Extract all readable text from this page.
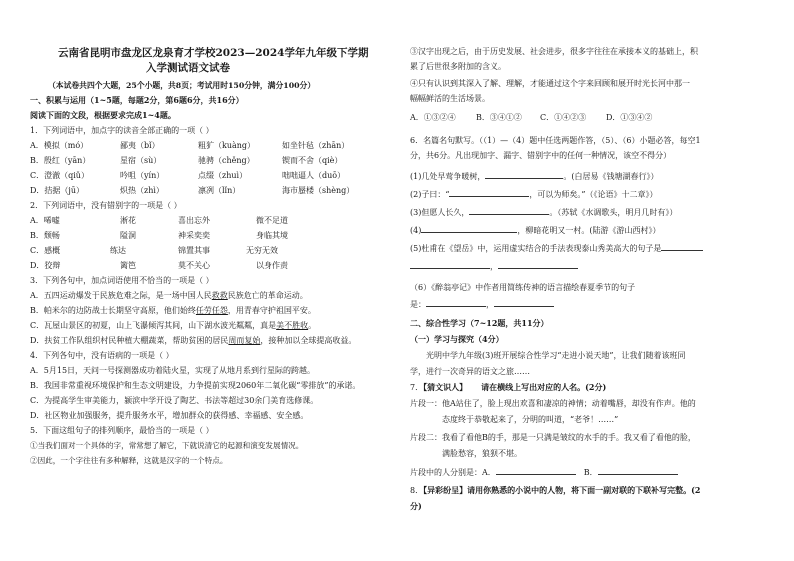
云南省昆明市盘龙区龙泉育才学校2023—2024学年九年级下学期
入学测试语文试卷
（本试卷共四个大题，25个小题，共8页；考试用时150分钟，满分100分）
一、积累与运用（1~5题，每题2分，第6题6分，共16分）
阅读下面的文段，根据要求完成1~4题。
1．下列词语中，加点字的读音全部正确的一项（ ）
A．模拟（mó）	鄙夷（bǐ）	粗犷（kuàng）	如坐针毡（zhān）
B．殷红（yān）	星宿（sù）	驰骋（chěng）	锲而不舍（qiè）
C．澄澈（qiǔ）	吟咀（yín）	点缀（zhuì）	咄咄逼人（duō）
D．拮据（jū）	炽热（zhì）	凛冽（lǐn）	海市蜃楼（shèng）
2．下列词语中，没有错别字的一项是（ ）
A．唏嘘	淅花	喜出忘外	微不足道
B．颓畅	隘洞	神采奕奕	身临其境
C．感概	练达	锦置其事	无穷无效
D．狡辩	篱笆	莫不关心	以身作责
3．下列各句中，加点词语使用不恰当的一项是（ ）
A．五四运动爆发于民族危难之际，是一场中国人民救救民族危亡的革命运动。
B．帕米尔的边防战士长期坚守高原，他们始终任劳任怨，用青春守护祖国平安。
C．瓦屋山景区的初夏，山上飞瀑倾泻其间，山下湖水波光粼粼，真是美不胜收。
D．扶贫工作队组织村民种植大棚蔬菜，帮助贫困的居民周而复始，接种加以全球提高收益。
4．下列各句中，没有语病的一项是（ ）
A．5月15日，天问一号探测器成功着陆火星，实现了从地月系到行星际的跨越。
B．我国非常重视环境保护和生态文明建设，力争提前实现2060年二氧化碳“零排放”的承诺。
C．为提高学生审美能力，颍滨中学开设了陶艺、书法等超过30余门美育选修课。
D．社区物业加强服务，提升服务水平，增加群众的获得感、幸福感、安全感。
5．下面这组句子的排列顺序，最恰当的一项是（ ）
①当我们面对一个具体的字，常常想了解它，下就说清它的起源和演变发展情况。
②因此，一个字往往有多种解释，这就是汉字的一个特点。
③汉字出现之后，由于历史发展、社会进步，很多字往往在承接本义的基础上，积
累了后世很多附加的含义。
④只有认识到其深入了解、理解，才能通过这个字来回顾和展开时光长河中那一
幅幅鲜活的生活场景。
A．①③②④	B．③④①② C．①④②③ D．①③④②
6．名篇名句默写。（（1）—（4）题中任选两题作答，（5）、（6）小题必答，每空1
分，共6分。凡出现加字、漏字、错别字中的任何一种情况，该空不得分）
(1)几处早莺争暖树，	。(白居易《钱塘湖春行》）
(2)子曰：“	，可以为师矣。”（《论语》十二章》）
(3)但愿人长久，	。（苏轼《水调歌头，明月几时有》）
(4)	，柳暗花明又一村。(陆游《游山西村》）
(5)杜甫在《望岳》中，运用虚实结合的手法表现泰山秀美高大的句子是
，
（6）《醉翁亭记》中作者用简练传神的语言描绘春夏季节的句子
是：	，
二、综合性学习（7~12题，共11分）
（一）学习与探究（4分）
光明中学九年级(3)班开展综合性学习“走进小说天地”，让我们随着该班同
学，进行一次奇异的语文之旅……
7．【猜文识人】 请在横线上写出对应的人名。(2分)
片段一：他A站住了，脸上现出欢喜和凄凉的神情；动着嘴唇，却没有作声。他的
态度终于恭敬起来了，分明的叫道，“老爷！……”
片段二：我看了看他B的手，那是一只满是皱纹的水手的手。我又看了看他的脸，
满脸愁容，狼狈不堪。
片段中的人分别是：A．	B．
8．【异彩纷呈】请用你熟悉的小说中的人物，将下面一副对联的下联补写完整。(2
分)
